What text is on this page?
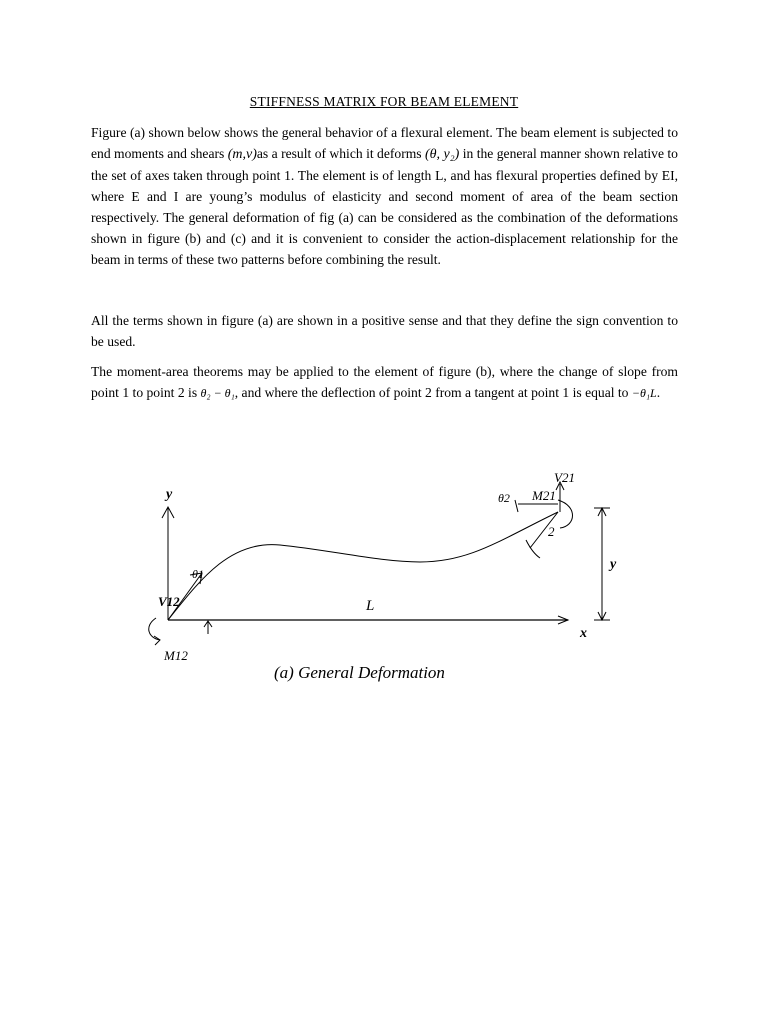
STIFFNESS MATRIX FOR BEAM ELEMENT
Figure (a) shown below shows the general behavior of a flexural element. The beam element is subjected to end moments and shears (m,v)as a result of which it deforms (θ, y₂) in the general manner shown relative to the set of axes taken through point 1. The element is of length L, and has flexural properties defined by EI, where E and I are young’s modulus of elasticity and second moment of area of the beam section respectively. The general deformation of fig (a) can be considered as the combination of the deformations shown in figure (b) and (c) and it is convenient to consider the action-displacement relationship for the beam in terms of these two patterns before combining the result.
All the terms shown in figure (a) are shown in a positive sense and that they define the sign convention to be used.
The moment-area theorems may be applied to the element of figure (b), where the change of slope from point 1 to point 2 is θ₂ − θ₁, and where the deflection of point 2 from a tangent at point 1 is equal to −θ₁L.
y
x
L
θ1
V12
M12
θ2
V21
M21
2
y
(a) General Deformation
